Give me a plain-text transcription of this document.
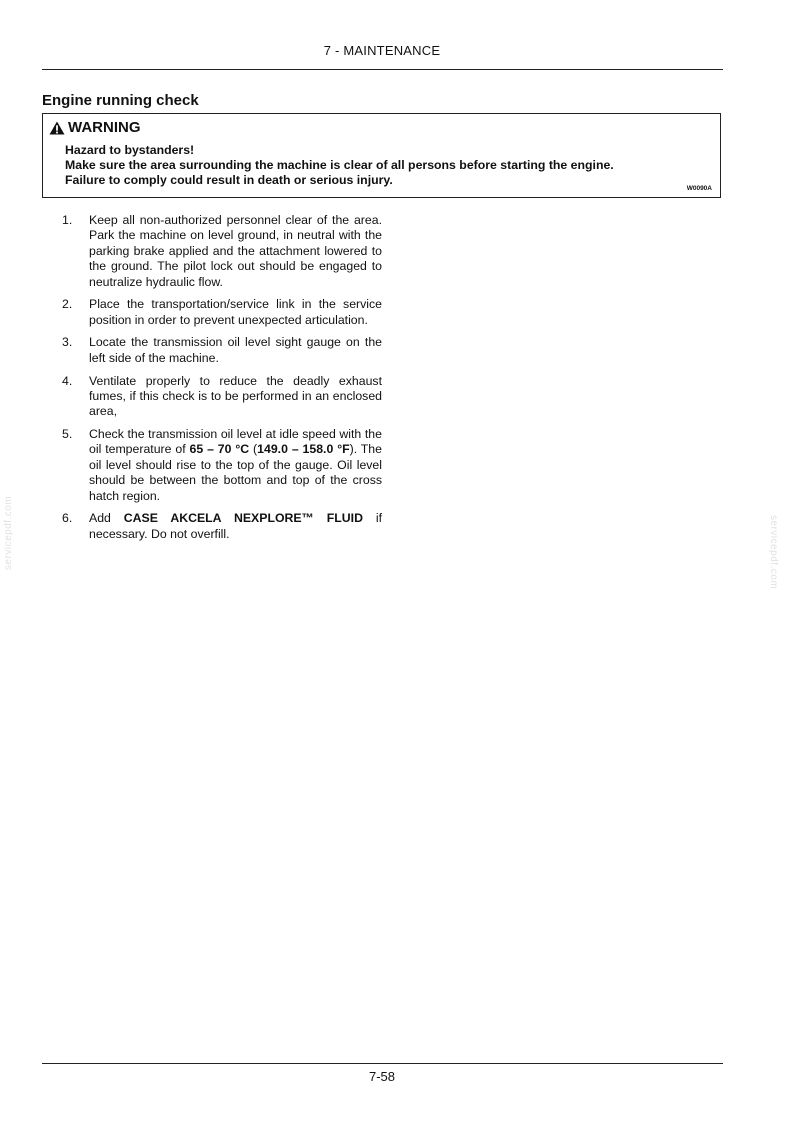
7 - MAINTENANCE
Engine running check
WARNING
Hazard to bystanders!
Make sure the area surrounding the machine is clear of all persons before starting the engine.
Failure to comply could result in death or serious injury.
W0090A
1.	Keep all non-authorized personnel clear of the area. Park the machine on level ground, in neutral with the parking brake applied and the attachment lowered to the ground. The pilot lock out should be engaged to neutralize hydraulic flow.
2.	Place the transportation/service link in the service position in order to prevent unexpected articulation.
3.	Locate the transmission oil level sight gauge on the left side of the machine.
4.	Ventilate properly to reduce the deadly exhaust fumes, if this check is to be performed in an enclosed area,
5.	Check the transmission oil level at idle speed with the oil temperature of 65 – 70 °C (149.0 – 158.0 °F). The oil level should rise to the top of the gauge. Oil level should be between the bottom and top of the cross hatch region.
6.	Add CASE AKCELA NEXPLORE™ FLUID if necessary. Do not overfill.
7-58
servicepdf.com	servicepdf.com
